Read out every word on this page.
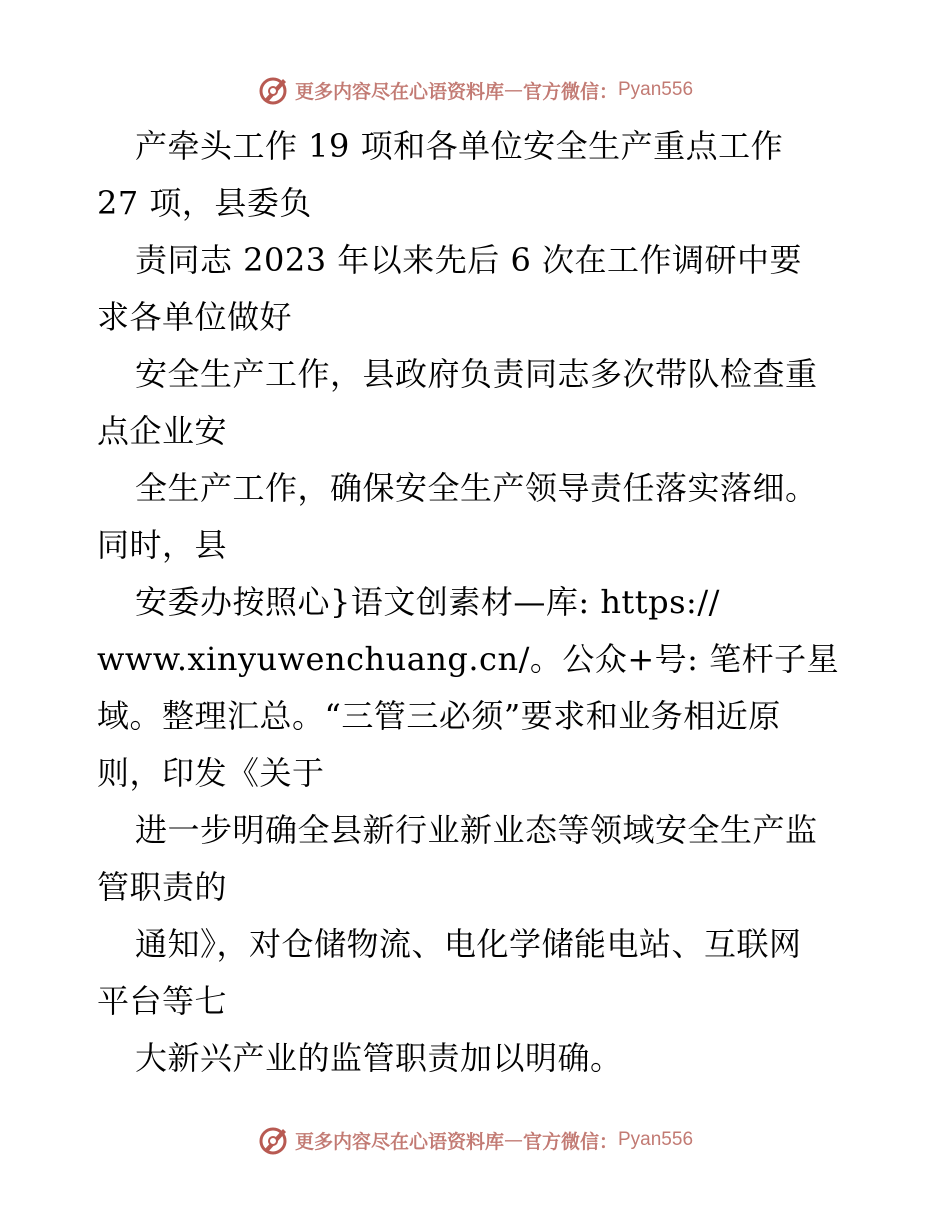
更多内容尽在心语资料库 — 官方微信： Pyan556
产牵头工作 19 项和各单位安全生产重点工作
27 项，县委负
责同志 2023 年以来先后 6 次在工作调研中要
求各单位做好
安全生产工作，县政府负责同志多次带队检查重
点企业安
全生产工作，确保安全生产领导责任落实落细。
同时，县
安委办按照心}语文创素材—库: https://
www.xinyuwenchuang.cn/。公众+号: 笔杆子星
域。整理汇总。“三管三必须”要求和业务相近原
则，印发《关于
进一步明确全县新行业新业态等领域安全生产监
管职责的
通知》，对仓储物流、电化学储能电站、互联网
平台等七
大新兴产业的监管职责加以明确。
更多内容尽在心语资料库 — 官方微信： Pyan556
